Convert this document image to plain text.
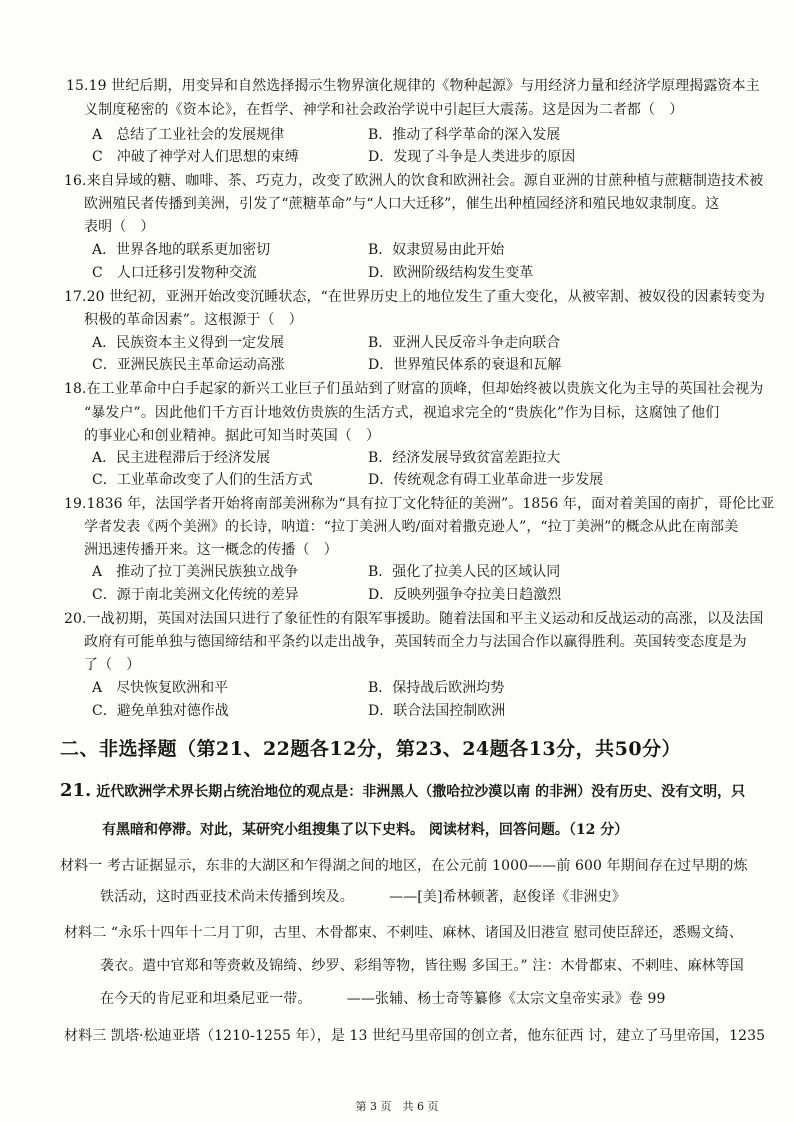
15.19 世纪后期，用变异和自然选择揭示生物界演化规律的《物种起源》与用经济力量和经济学原理揭露资本主
义制度秘密的《资本论》，在哲学、神学和社会政治学说中引起巨大震荡。这是因为二者都（　）
A　总结了工业社会的发展规律	B．推动了科学革命的深入发展
C　冲破了神学对人们思想的束缚	D．发现了斗争是人类进步的原因
16.来自异域的糖、咖啡、茶、巧克力，改变了欧洲人的饮食和欧洲社会。源自亚洲的甘蔗种植与蔗糖制造技术被
欧洲殖民者传播到美洲，引发了“蔗糖革命”与“人口大迁移”，催生出种植园经济和殖民地奴隶制度。这
表明（　）
A．世界各地的联系更加密切	B．奴隶贸易由此开始
C　人口迁移引发物种交流	D．欧洲阶级结构发生变革
17.20 世纪初，亚洲开始改变沉睡状态，“在世界历史上的地位发生了重大变化，从被宰割、被奴役的因素转变为
积极的革命因素”。这根源于（　）
A．民族资本主义得到一定发展	B．亚洲人民反帝斗争走向联合
C．亚洲民族民主革命运动高涨	D．世界殖民体系的衰退和瓦解
18.在工业革命中白手起家的新兴工业巨子们虽站到了财富的顶峰，但却始终被以贵族文化为主导的英国社会视为
“暴发户”。因此他们千方百计地效仿贵族的生活方式，视追求完全的“贵族化”作为目标，这腐蚀了他们
的事业心和创业精神。据此可知当时英国（　）
A．民主进程滞后于经济发展	B．经济发展导致贫富差距拉大
C．工业革命改变了人们的生活方式	D．传统观念有碍工业革命进一步发展
19.1836 年，法国学者开始将南部美洲称为“具有拉丁文化特征的美洲”。1856 年，面对着美国的南扩，哥伦比亚
学者发表《两个美洲》的长诗，呐道：“拉丁美洲人哟/面对着撒克逊人”，“拉丁美洲”的概念从此在南部美
洲迅速传播开来。这一概念的传播（　）
A　推动了拉丁美洲民族独立战争	B．强化了拉美人民的区域认同
C．源于南北美洲文化传统的差异	D．反映列强争夺拉美日趋激烈
20.一战初期，英国对法国只进行了象征性的有限军事援助。随着法国和平主义运动和反战运动的高涨，以及法国
政府有可能单独与德国缔结和平条约以走出战争，英国转而全力与法国合作以赢得胜利。英国转变态度是为
了（　）
A　尽快恢复欧洲和平	B．保持战后欧洲均势
C．避免单独对德作战	D．联合法国控制欧洲
二、非选择题（第21、22题各12分，第23、24题各13分，共50分）
21. 近代欧洲学术界长期占统治地位的观点是：非洲黑人（撒哈拉沙漠以南 的非洲）没有历史、没有文明，只
有黑暗和停滞。对此，某研究小组搜集了以下史料。 阅读材料，回答问题。（12 分）
材料一 考古证据显示，东非的大湖区和乍得湖之间的地区，在公元前 1000——前 600 年期间存在过早期的炼
铁活动，这时西亚技术尚未传播到埃及。　　　——[美]希林顿著，赵俊译《非洲史》
材料二 “永乐十四年十二月丁卯，古里、木骨都束、不剌哇、麻林、诸国及旧港宣 慰司使臣辞还，悉赐文绮、
袭衣。遣中官郑和等赍敕及锦绮、纱罗、彩绢等物，皆往赐 多国王。” 注：木骨都束、不剌哇、麻林等国
在今天的肯尼亚和坦桑尼亚一带。　　　——张辅、杨士奇等纂修《太宗文皇帝实录》卷 99
材料三 凯塔·松迪亚塔（1210-1255 年），是 13 世纪马里帝国的创立者，他东征西 讨，建立了马里帝国，1235
第 3 页　共 6 页
